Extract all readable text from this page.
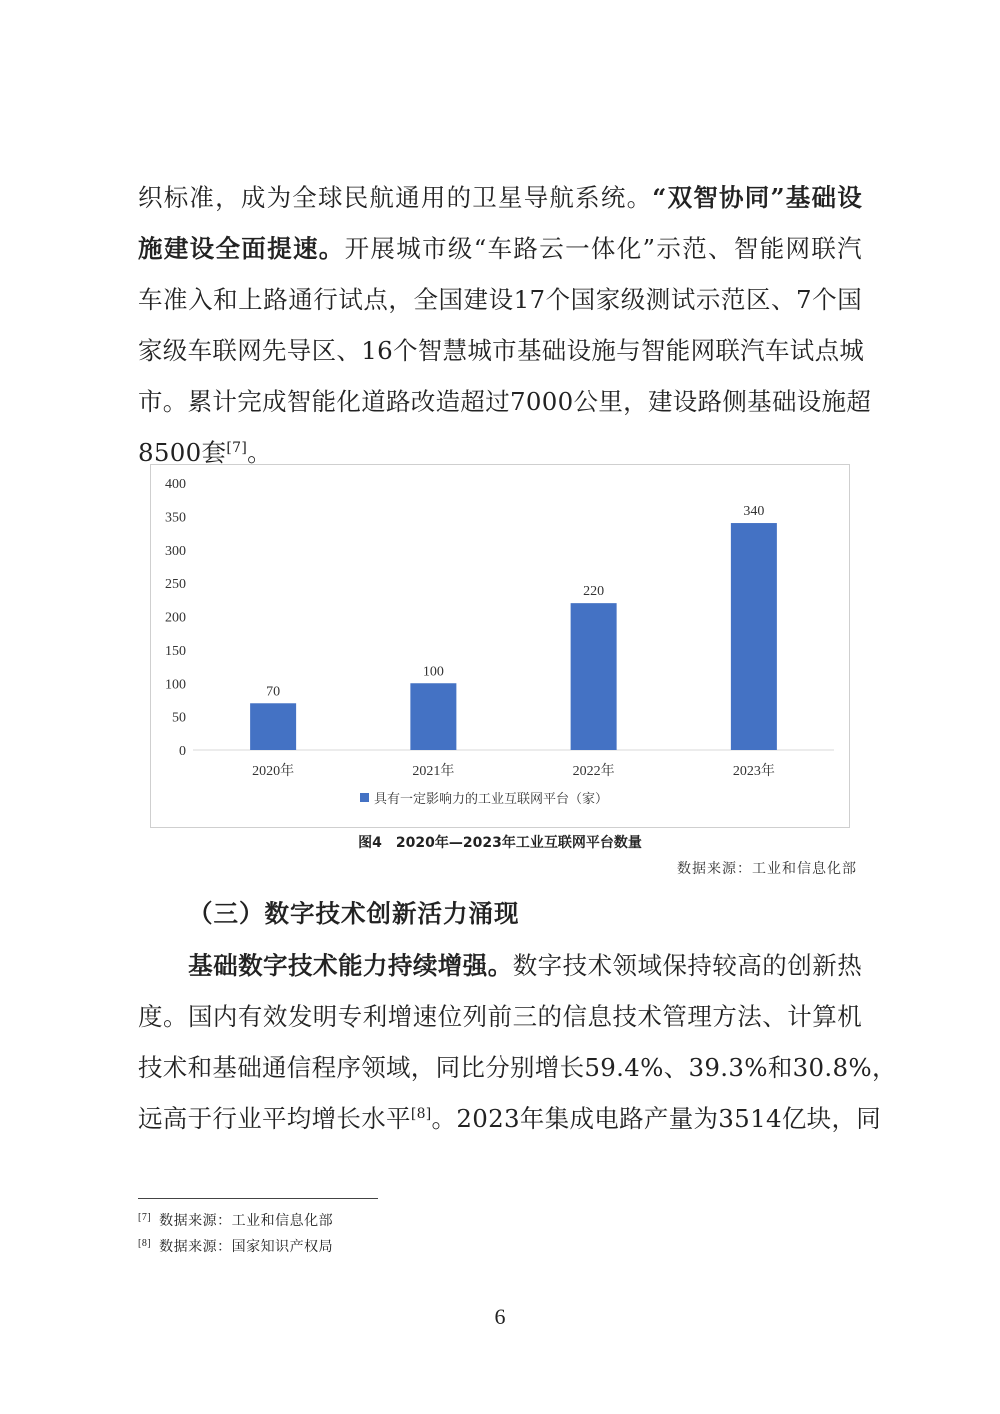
织标准，成为全球民航通用的卫星导航系统。“双智协同”基础设
施建设全面提速。开展城市级“车路云一体化”示范、智能网联汽
车准入和上路通行试点，全国建设17个国家级测试示范区、7个国
家级车联网先导区、16个智慧城市基础设施与智能网联汽车试点城
市。累计完成智能化道路改造超过7000公里，建设路侧基础设施超
8500套[7]。
0
50
100
150
200
250
300
350
400
70
2020年
100
2021年
220
2022年
340
2023年
具有一定影响力的工业互联网平台（家）
图4　2020年—2023年工业互联网平台数量
数据来源：工业和信息化部
（三）数字技术创新活力涌现
基础数字技术能力持续增强。数字技术领域保持较高的创新热
度。国内有效发明专利增速位列前三的信息技术管理方法、计算机
技术和基础通信程序领域，同比分别增长59.4%、39.3%和30.8%，
远高于行业平均增长水平[8]。2023年集成电路产量为3514亿块，同
[7] 数据来源：工业和信息化部
[8] 数据来源：国家知识产权局
6
